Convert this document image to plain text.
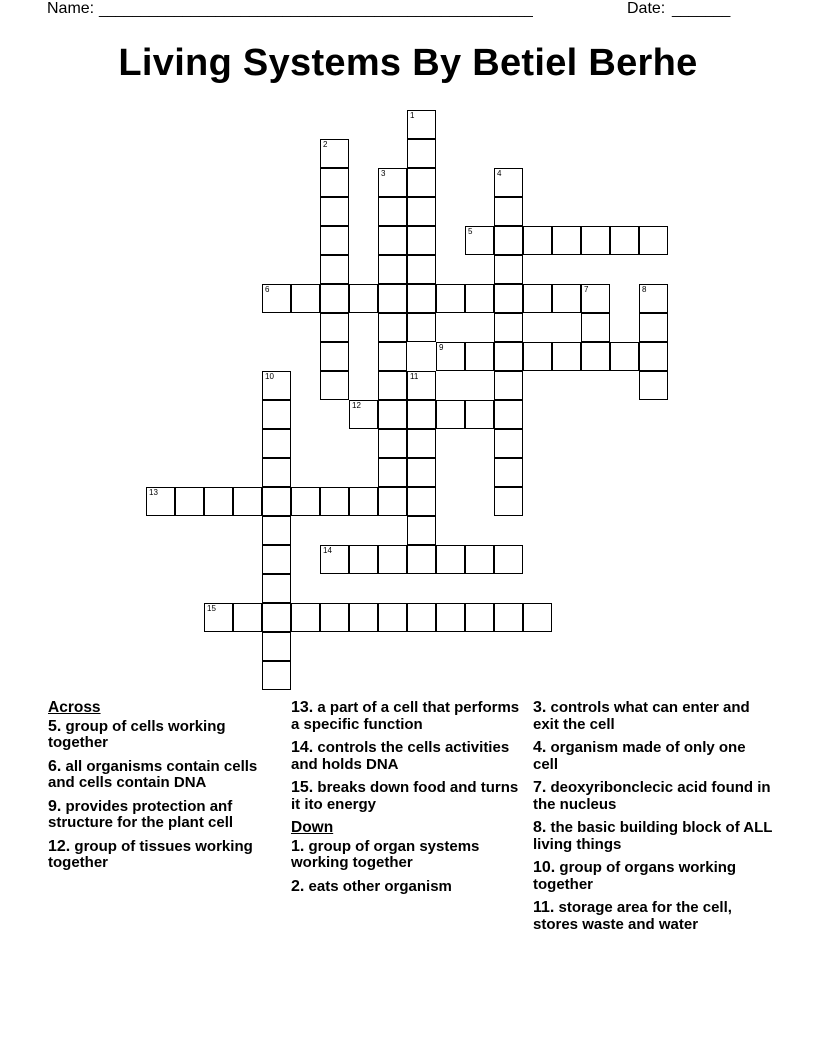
Name: ____________________________________________________	Date: _______
Living Systems By Betiel Berhe
1
2
3	4
5
6	7	8
9
10	11
12
13
14
15
Across
5. group of cells working together
6. all organisms contain cells and cells contain DNA
9. provides protection anf structure for the plant cell
12. group of tissues working together
13. a part of a cell that performs a specific function
14. controls the cells activities and holds DNA
15. breaks down food and turns it ito energy
Down
1. group of organ systems working together
2. eats other organism
3. controls what can enter and exit the cell
4. organism made of only one cell
7. deoxyribonclecic acid found in the nucleus
8. the basic building block of ALL living things
10. group of organs working together
11. storage area for the cell, stores waste and water
